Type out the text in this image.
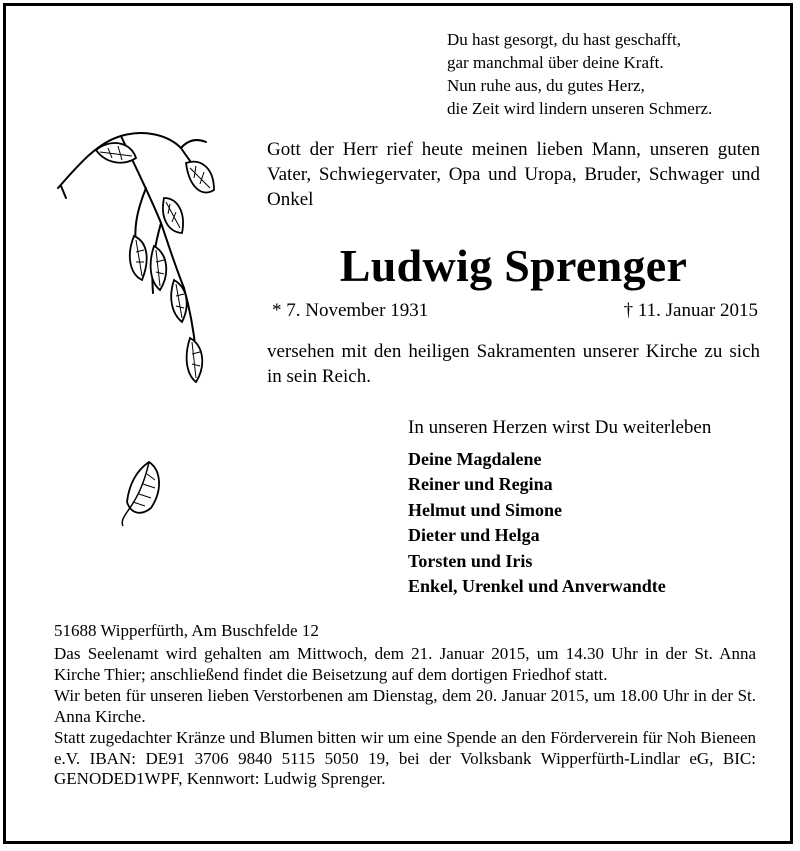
Du hast gesorgt, du hast geschafft,
gar manchmal über deine Kraft.
Nun ruhe aus, du gutes Herz,
die Zeit wird lindern unseren Schmerz.
Gott der Herr rief heute meinen lieben Mann, unseren guten Vater, Schwiegervater, Opa und Uropa, Bruder, Schwager und Onkel
Ludwig Sprenger
* 7. November 1931	† 11. Januar 2015
versehen mit den heiligen Sakramenten unserer Kirche zu sich in sein Reich.
In unseren Herzen wirst Du weiterleben
Deine Magdalene
Reiner und Regina
Helmut und Simone
Dieter und Helga
Torsten und Iris
Enkel, Urenkel und Anverwandte
51688 Wipperfürth, Am Buschfelde 12

Das Seelenamt wird gehalten am Mittwoch, dem 21. Januar 2015, um 14.30 Uhr in der St. Anna Kirche Thier; anschließend findet die Beisetzung auf dem dortigen Friedhof statt.

Wir beten für unseren lieben Verstorbenen am Dienstag, dem 20. Januar 2015, um 18.00 Uhr in der St. Anna Kirche.

Statt zugedachter Kränze und Blumen bitten wir um eine Spende an den Förderverein für Noh Bieneen e.V. IBAN: DE91 3706 9840 5115 5050 19, bei der Volksbank Wipperfürth-Lindlar eG, BIC: GENODED1WPF, Kennwort: Ludwig Sprenger.
